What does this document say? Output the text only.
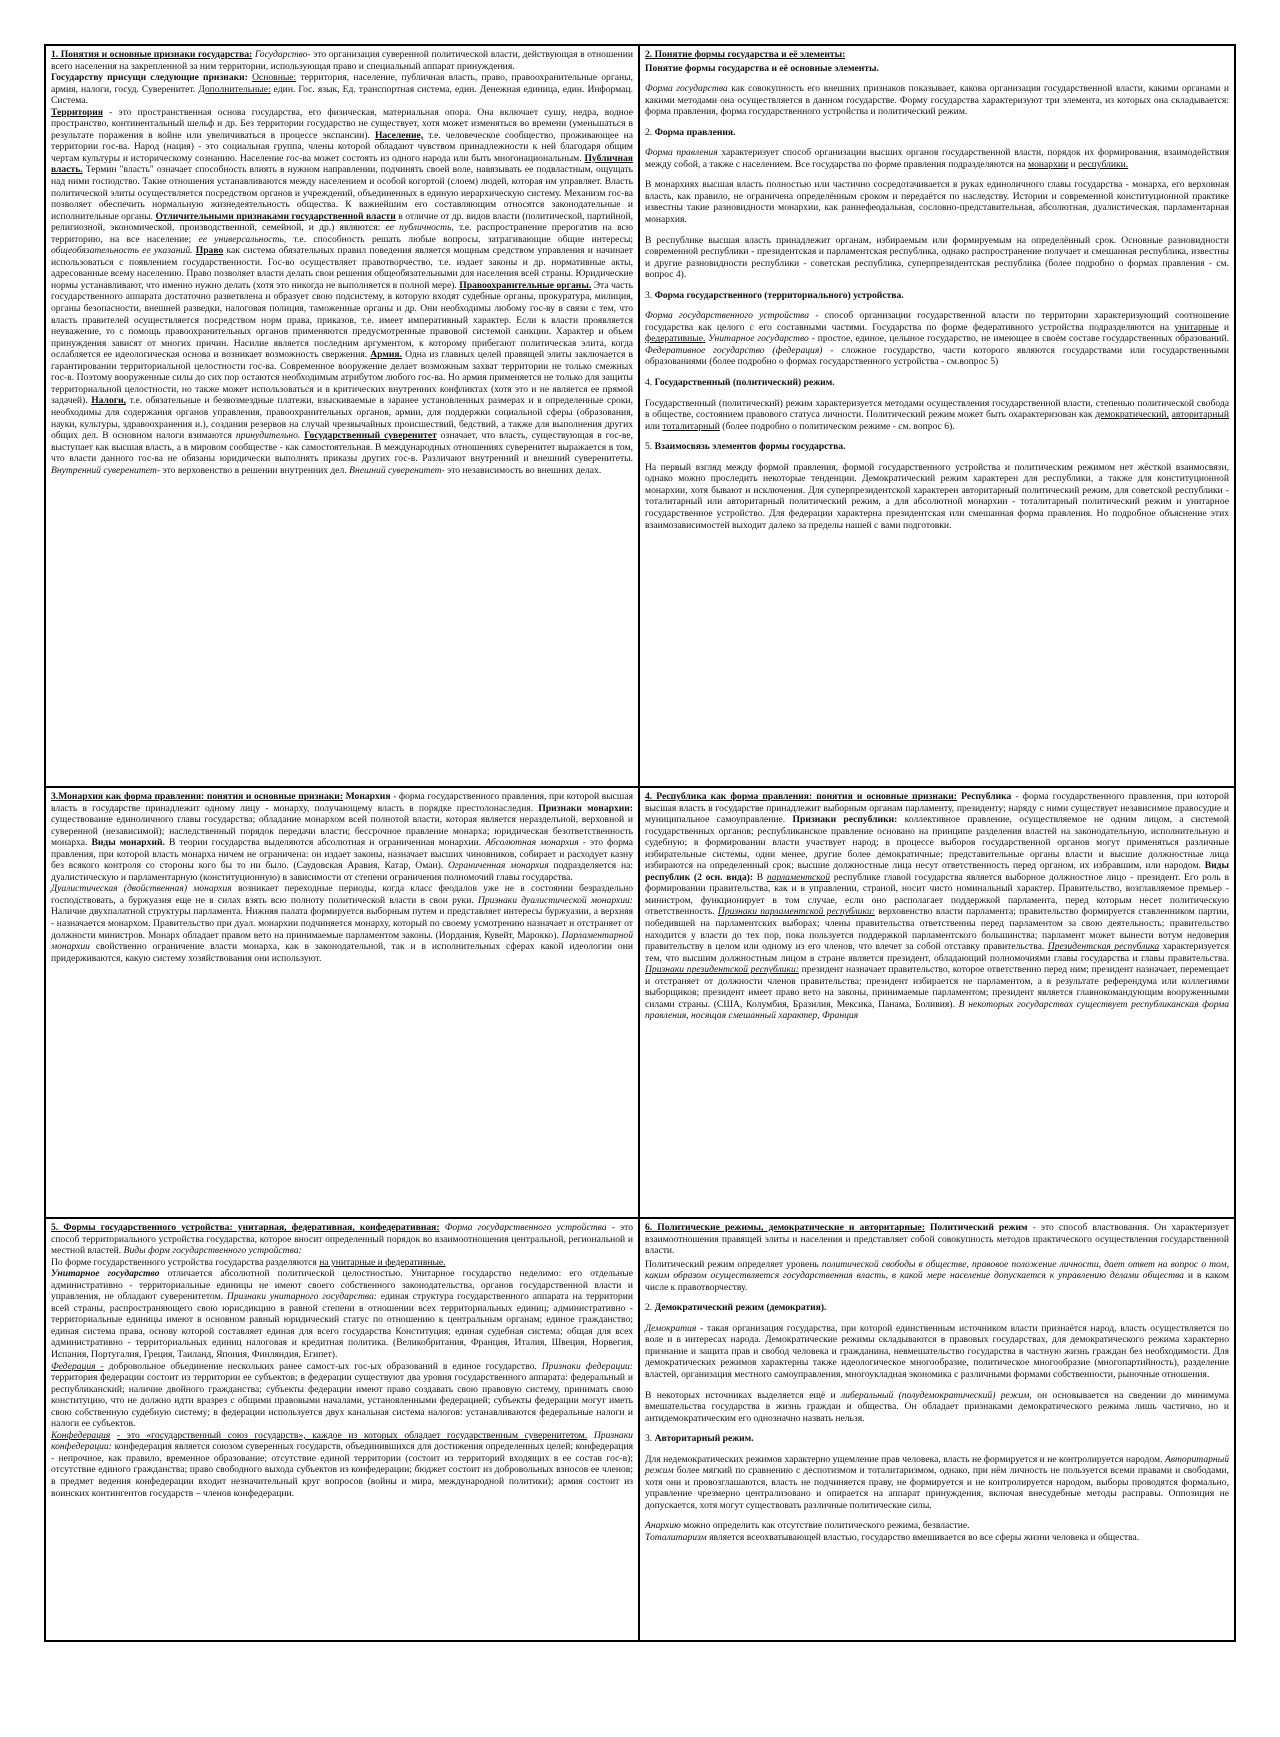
1. Понятия и основные признаки государства: Государство- это организация суверенной политической власти, действующая в отношении всего населения на закрепленной за ним территории, использующая право и специальный аппарат принуждения.

Государству присущи следующие признаки: Основные: территория, население, публичная власть, право, правоохранительные органы, армия, налоги, госуд. Суверенитет. Дополнительные: един. Гос. язык, Ед. транспортная система, един. Денежная единица, един. Информац. Система.

Территория - это пространственная основа государства, его физическая, материальная опора. Она включает сушу, недра, водное пространство, континентальный шельф и др. Без территории государство не существует, хотя может изменяться во времени (уменьшаться в результате поражения в войне или увеличиваться в процессе экспансии). Население, т.е. человеческое сообщество, проживающее на территории гос-ва. Народ (нация) - это социальная группа, члены которой обладают чувством принадлежности к ней благодаря общим чертам культуры и историческому сознанию. Население гос-ва может состоять из одного народа или быть многонациональным. Публичная власть. Термин "власть" означает способность влиять в нужном направлении, подчинять своей воле, навязывать ее подвластным, ощущать над ними господство. Такие отношения устанавливаются между населением и особой когортой (слоем) людей, которая им управляет. Власть политической элиты осуществляется посредством органов и учреждений, объединенных в единую иерархическую систему. Механизм гос-ва позволяет обеспечить нормальную жизнедеятельность общества. К важнейшим его составляющим относятся законодательные и исполнительные органы. Отличительными признаками государственной власти в отличие от др. видов власти (политической, партийной, религиозной, экономической, производственной, семейной, и др.) являются: ее публичность, т.е. распространение прерогатив на всю территорию, на все население; ее универсальность, т.е. способность решать любые вопросы, затрагивающие общие интересы; общеобязательность ее указаний. Право как система обязательных правил поведения является мощным средством управления и начинает использоваться с появлением государственности. Гос-во осуществляет правотворчество, т.е. издает законы и др. нормативные акты, адресованные всему населению. Право позволяет власти делать свои решения общеобязательными для населения всей страны. Юридические нормы устанавливают, что именно нужно делать (хотя это никогда не выполняется в полной мере). Правоохранительные органы. Эта часть государственного аппарата достаточно разветвлена и образует свою подсистему, в которую входят судебные органы, прокуратура, милиция, органы безопасности, внешней разведки, налоговая полиция, таможенные органы и др. Они необходимы любому гос-ву в связи с тем, что власть правителей осуществляется посредством норм права, приказов, т.е. имеет императивный характер. Если к власти проявляется неуважение, то с помощь правоохранительных органов применяются предусмотренные правовой системой санкции. Характер и объем принуждения зависят от многих причин. Насилие является последним аргументом, к которому прибегают политическая элита, когда ослабляется ее идеологическая основа и возникает возможность свержения. Армия. Одна из главных целей правящей элиты заключается в гарантировании территориальной целостности гос-ва. Современное вооружение делает возможным захват территории не только смежных гос-в. Поэтому вооруженные силы до сих пор остаются необходимым атрибутом любого гос-ва. Но армия применяется не только для защиты территориальной целостности, но также может использоваться и в критических внутренних конфликтах (хотя это и не является ее прямой задачей). Налоги, т.е. обязательные и безвозмездные платежи, взыскиваемые в заранее установленных размерах и в определенные сроки, необходимы для содержания органов управления, правоохранительных органов, армии, для поддержки социальной сферы (образования, науки, культуры, здравоохранения и.), создания резервов на случай чрезвычайных происшествий, бедствий, а также для выполнения других общих дел. В основном налоги взимаются принудительно. Государственный суверенитет означает, что власть, существующая в гос-ве, выступает как высшая власть, а в мировом сообществе - как самостоятельная. В международных отношениях суверенитет выражается в том, что власти данного гос-ва не обязаны юридически выполнять приказы других гос-в. Различают внутренний и внешний суверенитеты. Внутренний суверенитет- это верховенство в решении внутренних дел. Внешний суверенитет- это независимость во внешних делах.

2. Понятие формы государства и её элементы:

Понятие формы государства и её основные элементы.

Форма государства как совокупность его внешних признаков показывает, какова организация государственной власти, какими органами и какими методами она осуществляется в данном государстве. Форму государства характеризуют три элемента, из которых она складывается: форма правления, форма государственного устройства и политический режим.

2. Форма правления.

Форма правления характеризует способ организации высших органов государственной власти, порядок их формирования, взаимодействия между собой, а также с населением. Все государства по форме правления подразделяются на монархии и республики.

В монархиях высшая власть полностью или частично сосредотачивается в руках единоличного главы государства - монарха, его верховная власть, как правило, не ограничена определённым сроком и передаётся по наследству. Истории и современной конституционной практике известны такие разновидности монархии, как раннефеодальная, сословно-представительная, абсолютная, дуалистическая, парламентарная монархия.

В республике высшая власть принадлежит органам, избираемым или формируемым на определённый срок. Основные разновидности современной республики - президентская и парламентская республика, однако распространение получает и смешанная республика, известны и другие разновидности республики - советская республика, суперпрезидентская республика (более подробно о формах правления - см. вопрос 4).

3. Форма государственного (территориального) устройства.

Форма государственного устройства - способ организации государственной власти по территории характеризующий соотношение государства как целого с его составными частями. Государства по форме федеративного устройства подразделяются на унитарные и федеративные. Унитарное государство - простое, единое, целыное государство, не имеющее в своём составе государственных образований. Федеративное государство (федерация) - сложное государство, части которого являются государствами или государственными образованиями (более подробно о формах государственного устройства - см.вопрос 5)

4. Государственный (политический) режим.

Государственный (политический) режим характеризуется методами осуществления государственной власти, степенью политической свобода в обществе, состоянием правового статуса личности. Политический режим может быть охарактеризован как демократический, авторитарный или тоталитарный (более подробно о политическом режиме - см. вопрос 6).

5. Взаимосвязь элементов формы государства.

На первый взгляд между формой правления, формой государственного устройства и политическим режимом нет жёсткой взаимосвязи, однако можно проследить некоторые тенденции. Демократический режим характерен для республики, а также для конституционной монархии, хотя бывают и исключения. Для суперпрезидентской характерен авторитарный политический режим, для советской республики - тоталитарный или авторитарный политический режим, а для абсолютной монархии - тоталитарный политический режим и унитарное государственное устройство. Для федерации характерна президентская или смешанная форма правления. Но подробное объяснение этих взаимозависимостей выходит далеко за пределы нашей с вами подготовки.

3.Монархия как форма правления: понятия и основные признаки: Монархия - форма государственного правления, при которой высшая власть в государстве принадлежит одному лицу - монарху, получающему власть в порядке престолонаследия. Признаки монархии: существование единоличного главы государства; обладание монархом всей полнотой власти, которая является неразделъной, верховной и суверенной (независимой); наследственный порядок передачи власти; бессрочное правление монарха; юридическая безответственность монарха. Виды монархий. В теории государства выделяются абсолютная и ограниченная монархии. Абсолютная монархия - это форма правления, при которой власть монарха ничем не ограничена: он издает законы, назначает высших чиновников, собирает и расходует казну без всякого контроля со стороны кого бы то ни было. (Саудовская Аравия, Катар, Оман). Ограниченная монархия подразделяется на: дуалистическую и парламентарную (конституционную) в зависимости от степени ограничения полномочий главы государства.

Дуалистическая (двойственная) монархия возникает переходные периоды, когда класс феодалов уже не в состоянии безраздельно господствовать, а буржуазия еще не в силах взять всю полноту политической власти в свои руки. Признаки дуалистической монархии: Наличие двухпалатной структуры парламента. Нижняя палата формируется выборным путем и представляет интересы буржуазии, а верхняя - назначается монархом. Правительство при дуал. монархии подчиняется монарху, который по своему усмотрению назначает и отстраняет от должности министров. Монарх обладает правом вето на принимаемые парламентом законы. (Иордания, Кувейт, Марокко). Парламентарной монархии свойственно ограничение власти монарха, как в законодательной, так и в исполнительных сферах какой идеологии они придерживаются, какую систему хозяйствования они используют.

4. Республика как форма правления: понятия и основные признаки: Республика - форма государственного правления, при которой высшая власть в государстве принадлежит выборным органам парламенту, президенту; наряду с ними существует независимое правосудие и муниципальное самоуправление. Признаки республики: коллективное правление, осуществляемое не одним лицом, а системой государственных органов; республиканское правление основано на принципе разделения властей на законодательную, исполнительную и судебную; в формировании власти участвует народ; в процессе выборов государственной органов могут применяться различные избирательные системы, одни менее, другие более демократичные; представительные органы власти и высшие должностные лица избираются на определенный срок; высшие должностные лица несут ответственность перед органом, их избравшим, или народом. Виды республик (2 осн. вида): В парламентской республике главой государства является выборное должностное лицо - президент. Его роль в формировании правительства, как и в управлении, страной, носит чисто номинальный характер. Правительство, возглавляемое премьер - министром, функционирует в том случае, если оно располагает поддержкой парламента, перед которым несет политическую ответственность. Признаки парламентской республики: верховенство власти парламента; правительство формируется ставленником партии, победившей на парламентских выборах; члены правительства ответственны перед парламентом за свою деятельность; правительство находится у власти до тех пор, пока пользуется поддержкой парламентского большинства; парламент может вынести вотум недоверия правительству в целом или одному из его членов, что влечет за собой отставку правительства. Президентская республика характеризуется тем, что высшим должностным лицом в стране является президент, обладающий полномочиями главы государства и главы правительства. Признаки президентской республики: президент назначает правительство, которое ответственно перед ним; президент назначает, перемещает и отстраняет от должности членов правительства; президент избирается не парламентом, а в результате референдума или коллегиями выборщиков; президент имеет право вето на законы, принимаемые парламентом; президент является главнокомандующим вооруженными силами страны. (США, Колумбия, Бразилия, Мексика, Панама, Боливия). В некоторых государствах существует республиканская форма правления, носящая смешанный характер, Франция

5. Формы государственного устройства: унитарная, федеративная, конфедеративная: Форма государственного устройства - это способ территориального устройства государства, которое вносит определенный порядок во взаимоотношения центральной, региональной и местной властей. Виды форм государственного устройства:

По форме государственного устройства государства разделяются на унитарные и федеративные.

Унитарное государство отличается абсолютной политической целостностью. Унитарное государство неделимо: его отдельные административно - территориальные единицы не имеют своего собственного законодательства, органов государственной власти и управления, не обладают суверенитетом. Признаки унитарного государства: единая структура государственного аппарата на территории всей страны, распространяющего свою юрисдикцию в равной степени в отношении всех территориальных единиц; административно - территориальные единицы имеют в основном равный юридический статус по отношению к центральным органам; единое гражданство; единая система права, основу которой составляет единая для всего государства Конституция; единая судебная система; общая для всех административно - территориальных единиц налоговая и кредитная политика. (Великобритания, Франция, Италия, Швеция, Норвегия, Испания, Португалия, Греция, Таиланд, Япония, Финляндия, Египет).

Федерация - добровольное объединение нескольких ранее самост-ых гос-ых образований в единое государство. Признаки федерации: территория федерации состоит из территории ее субъектов; в федерации существуют два уровня государственного аппарата: федеральный и республиканский; наличие двойного гражданства; субъекты федерации имеют право создавать свою правовую систему, принимать свою конституцию, что не должно идти вразрез с общими правовыми началами, установленными федерацией; субъекты федерации могут иметь свою собственную судебную систему; в федерации используется двух канальная система налогов: устанавливаются федеральные налоги и налоги ее субъектов.

Конфедерация - это «государственный союз государств», каждое из которых обладает государственным суверенитетом. Признаки конфедерации: конфедерация является союзом суверенных государств, объединившихся для достижения определенных целей; конфедерация - непрочное, как правило, временное образование; отсутствие единой территории (состоит из территорий входящих в ее состав гос-в); отсутствие единого гражданства; право свободного выхода субъектов из конфедерации; бюджет состоит из добровольных взносов ее членов; в предмет ведения конфедерации входит незначительный круг вопросов (войны и мира, международной политики); армия состоит из воинских контингентов государств – членов конфедерации.

6. Политические режимы, демократические и авторитарные: Политический режим - это способ властвования. Он характеризует взаимоотношения правящей элиты и населения и представляет собой совокупность методов практического осуществления государственной власти.

Политический режим определяет уровень политической свободы в обществе, правовое положение личности, дает ответ на вопрос о том, каким образом осуществляется государственная власть, в какой мере население допускается к управлению делами общества и в каком числе к правотворчеству.

2. Демократический режим (демократия).

Демократия - такая организация государства, при которой единственным источником власти признаётся народ, власть осуществляется по воле и в интересах народа. Демократические режимы складываются в правовых государствах, для демократического режима характерно признание и защита прав и свобод человека и гражданина, невмешательство государства в частную жизнь граждан без необходимости. Для демократических режимов характерны также идеологическое многообразие, политическое многообразие (многопартийность), разделение властей, организация местного самоуправления, многоукладная экономика с различными формами собственности, рыночные отношения.

В некоторых источниках выделяется ещё и либеральный (полудемократический) режим, он основывается на сведении до минимума вмешательства государства в жизнь граждан и общества. Он обладает признаками демократического режима лишь частично, но и антидемократическим его однозначно назвать нельзя.

3. Авторитарный режим.

Для недемократических режимов характерно ущемление прав человека, власть не формируется и не контролируется народом. Авторитарный режим более мягкий по сравнению с деспотизмом и тоталитаризмом, однако, при нём личность не пользуется всеми правами и свободами, хотя они и провозглашаются, власть не подчиняется праву, не формируется и не контролируется народом, выборы проводятся формально, управление чрезмерно централизовано и опирается на аппарат принуждения, включая внесудебные методы расправы. Оппозиция не допускается, хотя могут существовать различные политические силы.

Анархию можно определить как отсутствие политического режима, безвластие.
Тоталитаризм является всеохватывающей властью, государство вмешивается во все сферы жизни человека и общества.
